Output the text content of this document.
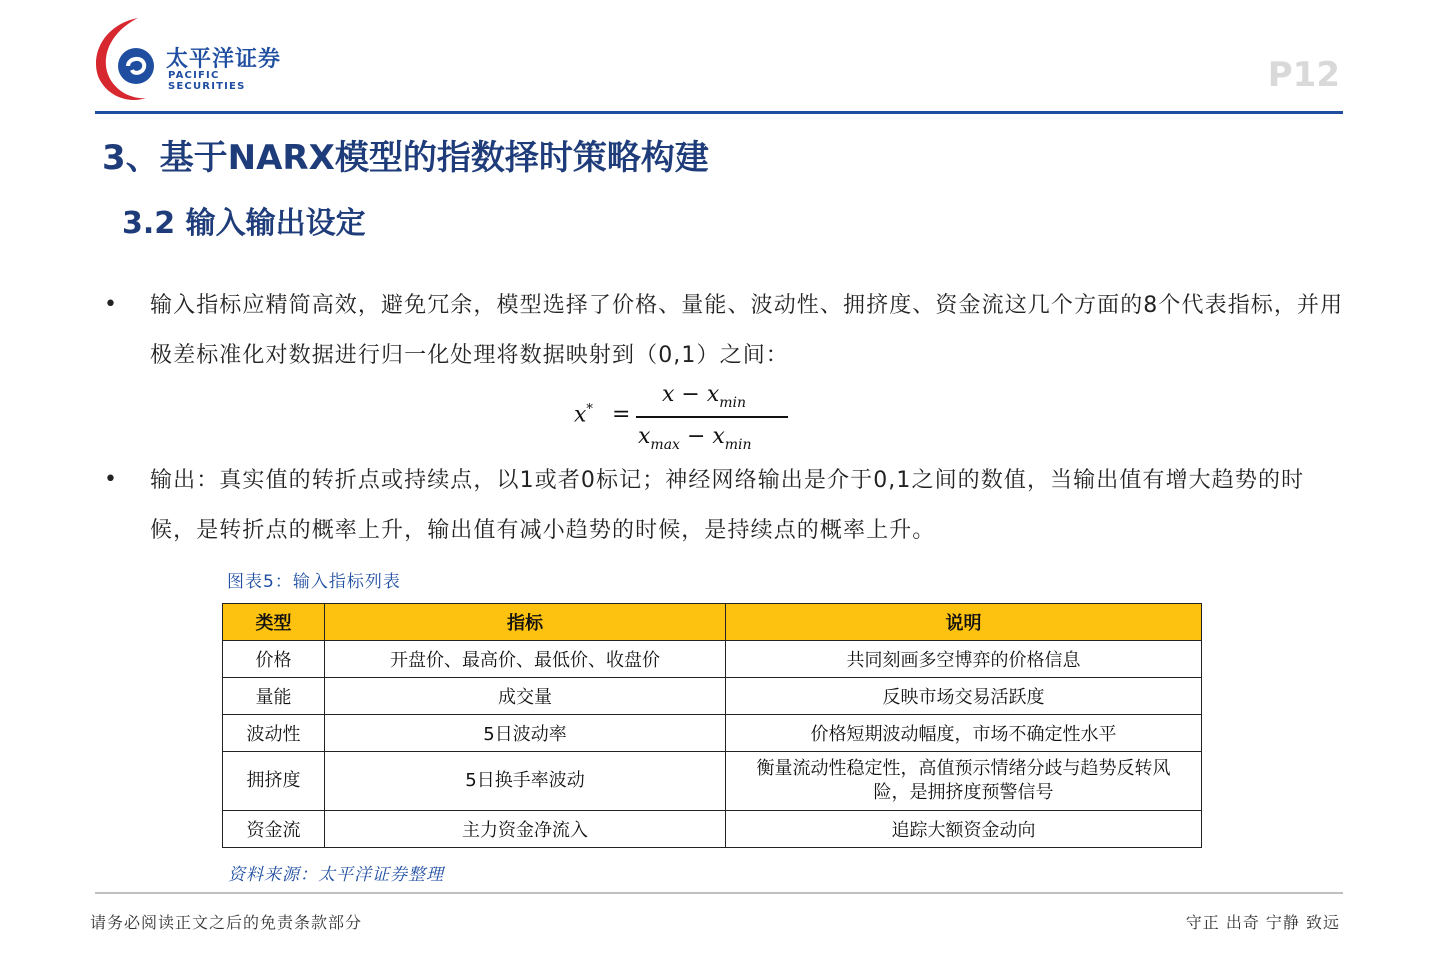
太平洋证券
PACIFIC SECURITIES	P12
3、基于NARX模型的指数择时策略构建
3.2 输入输出设定
• 输入指标应精简高效，避免冗余，模型选择了价格、量能、波动性、拥挤度、资金流这几个方面的8个代表指标，并用极差标准化对数据进行归一化处理将数据映射到（0,1）之间：
x* =
$x - x_{min}$
$x_{max} - x_{min}$
• 输出：真实值的转折点或持续点，以1或者0标记；神经网络输出是介于0,1之间的数值，当输出值有增大趋势的时候，是转折点的概率上升，输出值有减小趋势的时候，是持续点的概率上升。
图表5：输入指标列表
类型	指标	说明
价格	开盘价、最高价、最低价、收盘价	共同刻画多空博弈的价格信息
量能	成交量	反映市场交易活跃度
波动性	5日波动率	价格短期波动幅度，市场不确定性水平
拥挤度	5日换手率波动	衡量流动性稳定性，高值预示情绪分歧与趋势反转风险，是拥挤度预警信号
资金流	主力资金净流入	追踪大额资金动向
资料来源：太平洋证券整理
请务必阅读正文之后的免责条款部分	守正 出奇 宁静 致远
